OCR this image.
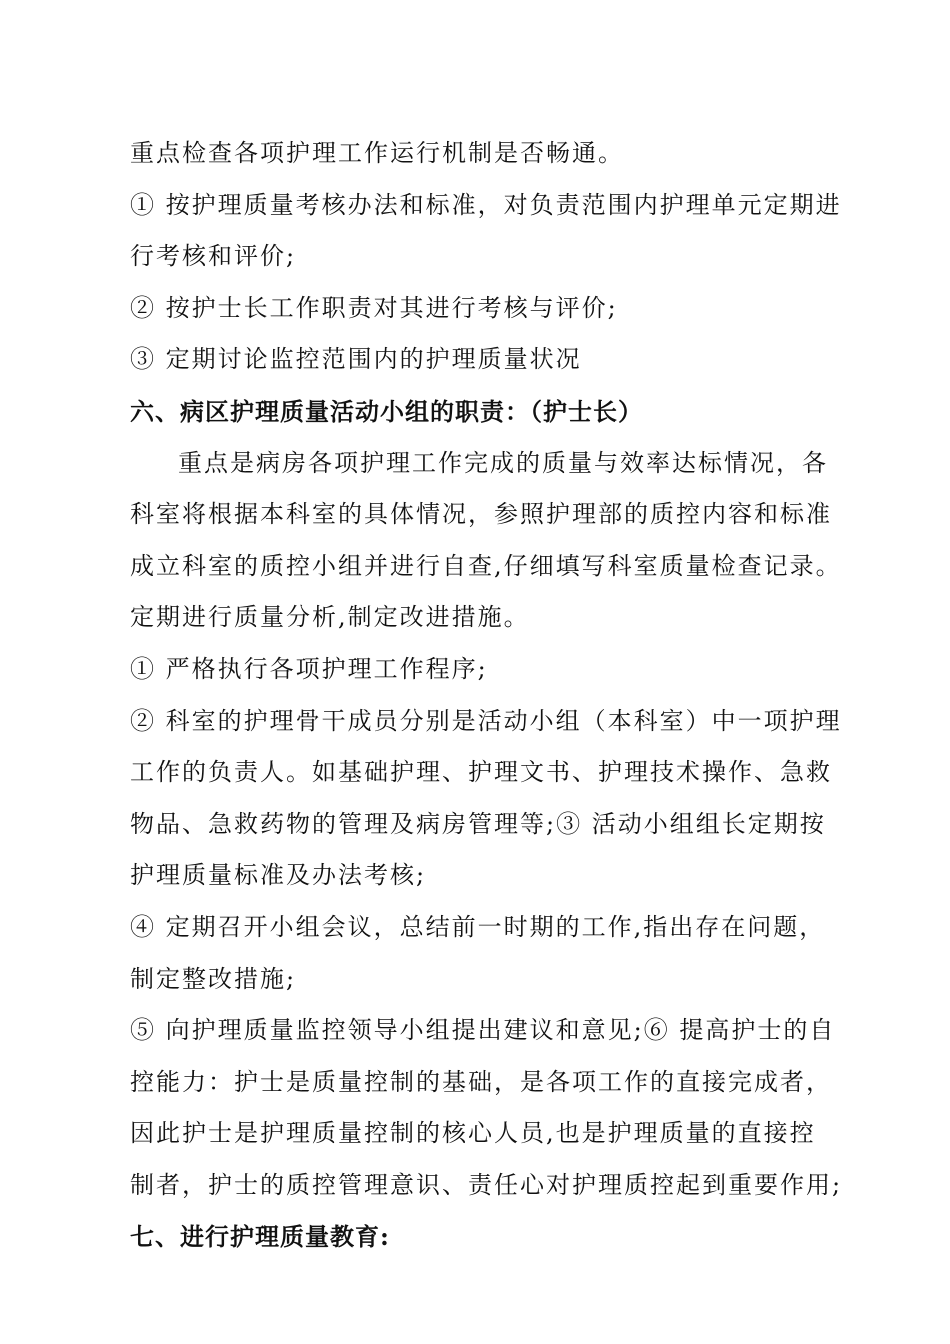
重点检查各项护理工作运行机制是否畅通。
① 按护理质量考核办法和标准，对负责范围内护理单元定期进
行考核和评价;
② 按护士长工作职责对其进行考核与评价;
③ 定期讨论监控范围内的护理质量状况
六、病区护理质量活动小组的职责：（护士长）
重点是病房各项护理工作完成的质量与效率达标情况，各
科室将根据本科室的具体情况，参照护理部的质控内容和标准
成立科室的质控小组并进行自查,仔细填写科室质量检查记录。
定期进行质量分析,制定改进措施。
① 严格执行各项护理工作程序;
② 科室的护理骨干成员分别是活动小组（本科室）中一项护理
工作的负责人。如基础护理、护理文书、护理技术操作、急救
物品、急救药物的管理及病房管理等;③ 活动小组组长定期按
护理质量标准及办法考核;
④ 定期召开小组会议，总结前一时期的工作,指出存在问题，
制定整改措施;
⑤ 向护理质量监控领导小组提出建议和意见;⑥ 提高护士的自
控能力：护士是质量控制的基础，是各项工作的直接完成者，
因此护士是护理质量控制的核心人员,也是护理质量的直接控
制者，护士的质控管理意识、责任心对护理质控起到重要作用;
七、进行护理质量教育:
